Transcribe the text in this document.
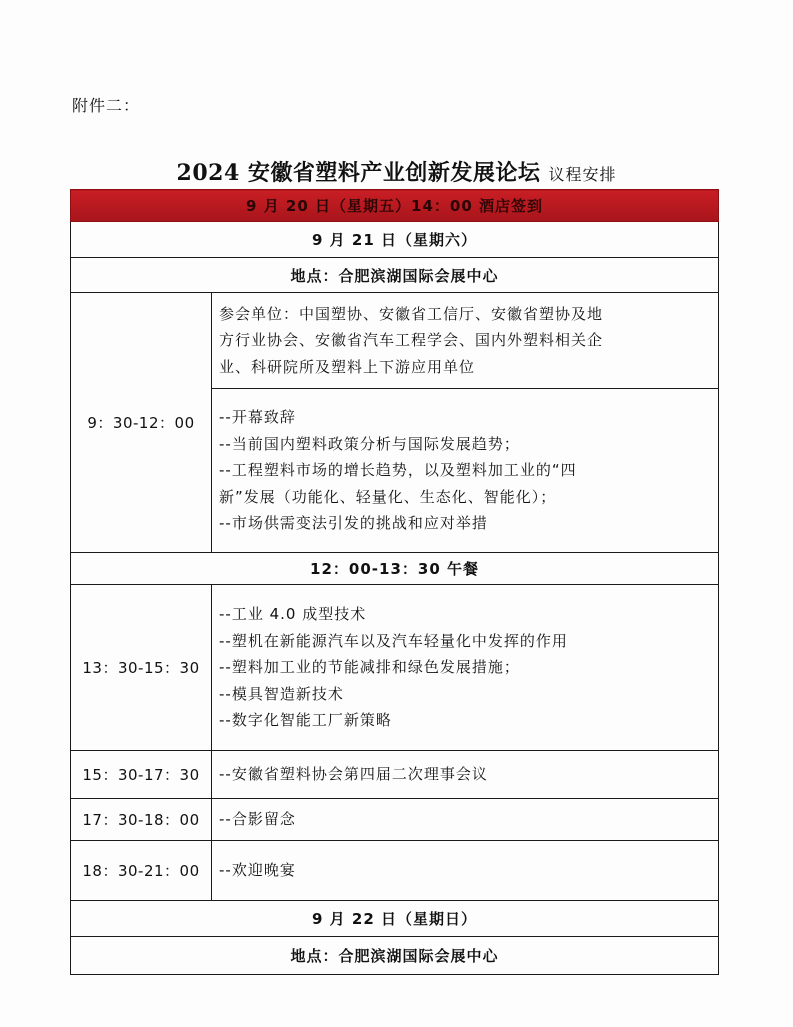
附件二：
2024 安徽省塑料产业创新发展论坛 议程安排
9 月 20 日（星期五）14：00 酒店签到	
9 月 21 日（星期六）	
地点：合肥滨湖国际会展中心	
9：30-12：00	参会单位：中国塑协、安徽省工信厅、安徽省塑协及地
方行业协会、安徽省汽车工程学会、国内外塑料相关企
业、科研院所及塑料上下游应用单位

	--开幕致辞
--当前国内塑料政策分析与国际发展趋势；
--工程塑料市场的增长趋势，以及塑料加工业的“四
新”发展（功能化、轻量化、生态化、智能化）；
--市场供需变法引发的挑战和应对举措

12：00-13：30 午餐	
13：30-15：30	--工业 4.0 成型技术
--塑机在新能源汽车以及汽车轻量化中发挥的作用
--塑料加工业的节能减排和绿色发展措施；
--模具智造新技术
--数字化智能工厂新策略

15：30-17：30	--安徽省塑料协会第四届二次理事会议
17：30-18：00	--合影留念
18：30-21：00	--欢迎晚宴
9 月 22 日（星期日）	
地点：合肥滨湖国际会展中心	
